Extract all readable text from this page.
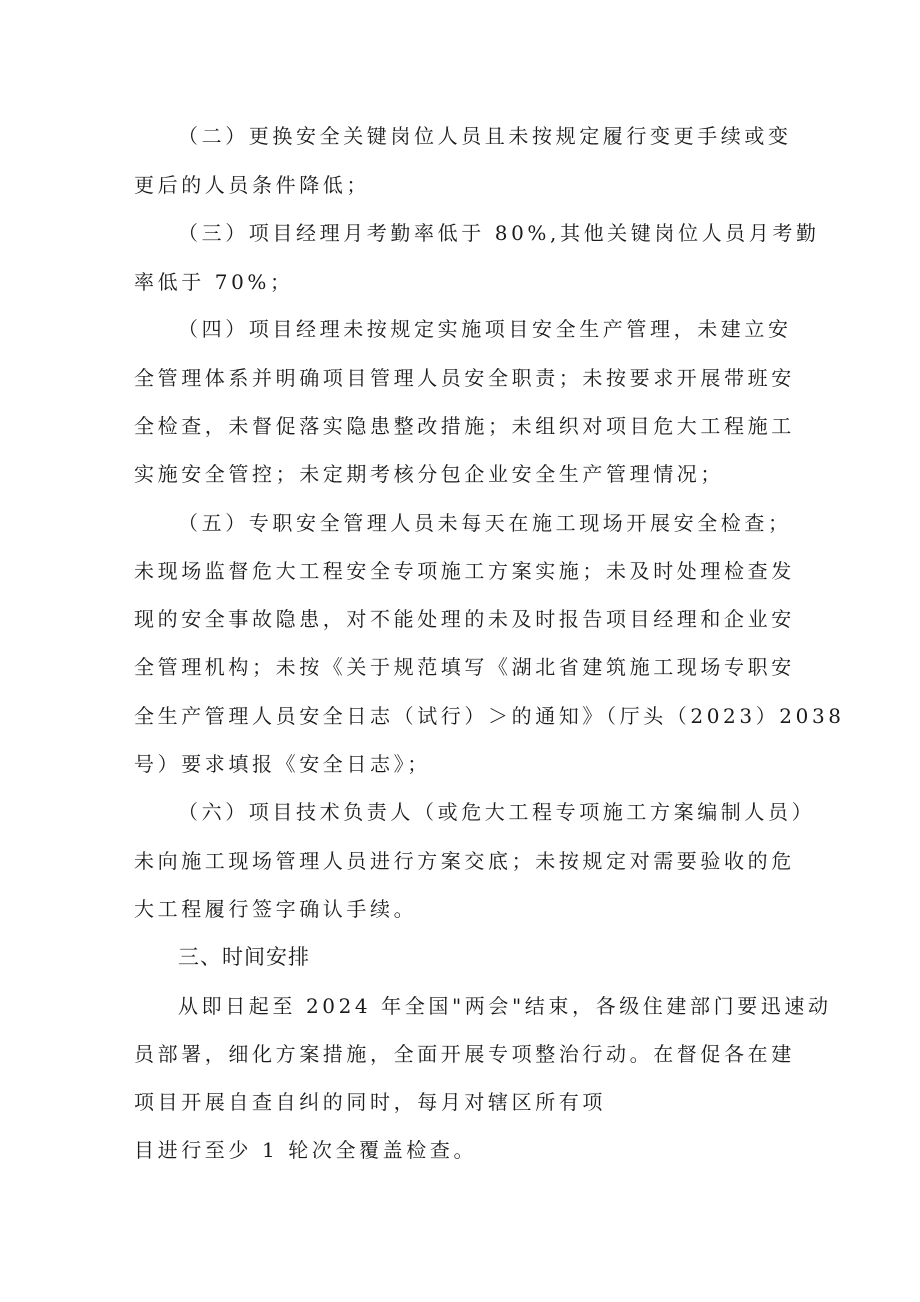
（二）更换安全关键岗位人员且未按规定履行变更手续或变
更后的人员条件降低；
（三）项目经理月考勤率低于 80%,其他关键岗位人员月考勤
率低于 70%；
（四）项目经理未按规定实施项目安全生产管理，未建立安
全管理体系并明确项目管理人员安全职责；未按要求开展带班安
全检查，未督促落实隐患整改措施；未组织对项目危大工程施工
实施安全管控；未定期考核分包企业安全生产管理情况；
（五）专职安全管理人员未每天在施工现场开展安全检查；
未现场监督危大工程安全专项施工方案实施；未及时处理检查发
现的安全事故隐患，对不能处理的未及时报告项目经理和企业安
全管理机构；未按《关于规范填写《湖北省建筑施工现场专职安
全生产管理人员安全日志（试行）＞的通知》（厅头（2023）2038
号）要求填报《安全日志》；
（六）项目技术负责人（或危大工程专项施工方案编制人员）
未向施工现场管理人员进行方案交底；未按规定对需要验收的危
大工程履行签字确认手续。
三、时间安排
从即日起至 2024 年全国"两会"结束，各级住建部门要迅速动
员部署，细化方案措施，全面开展专项整治行动。在督促各在建
项目开展自查自纠的同时，每月对辖区所有项
目进行至少 1 轮次全覆盖检查。
